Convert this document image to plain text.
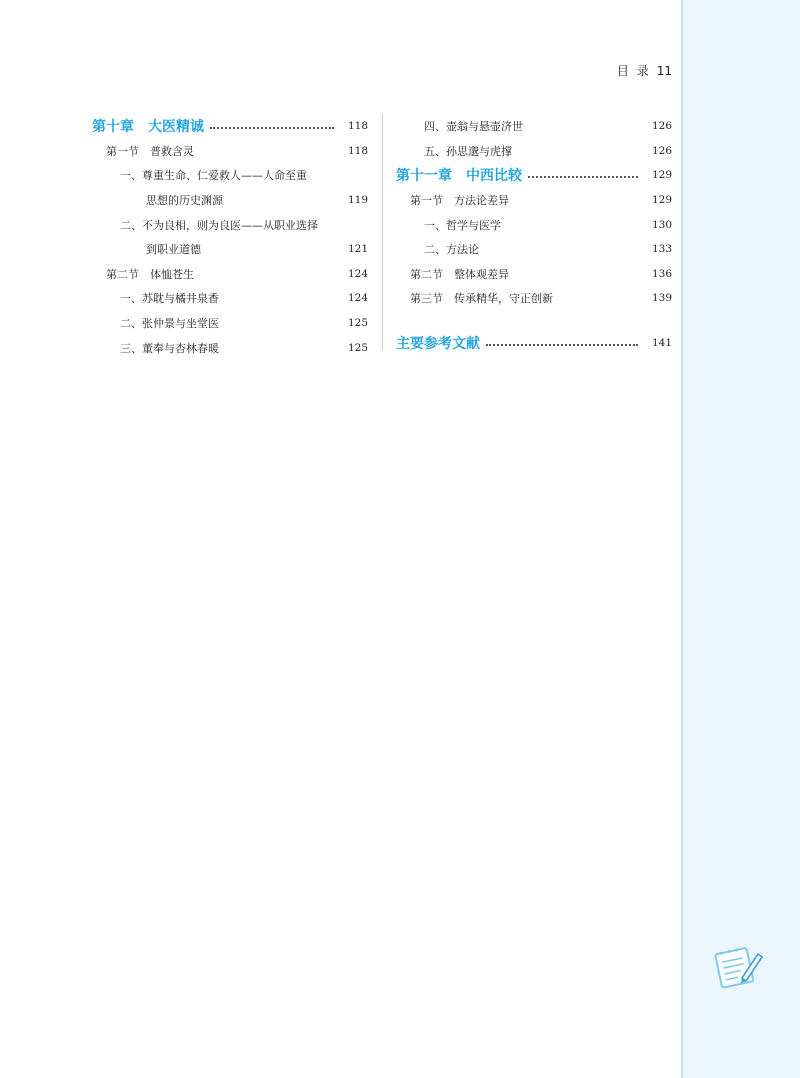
目 录 11
第十章　大医精诚	118
第一节　普救含灵	118
一、尊重生命、仁爱救人——人命至重
思想的历史渊源	119
二、不为良相，则为良医——从职业选择
到职业道德	121
第二节　体恤苍生	124
一、苏耽与橘井泉香	124
二、张仲景与坐堂医	125
三、董奉与杏林春暖	125
四、壶翁与悬壶济世	126
五、孙思邈与虎撑	126
第十一章　中西比较	129
第一节　方法论差异	129
一、哲学与医学	130
二、方法论	133
第二节　整体观差异	136
第三节　传承精华，守正创新	139
主要参考文献	141
